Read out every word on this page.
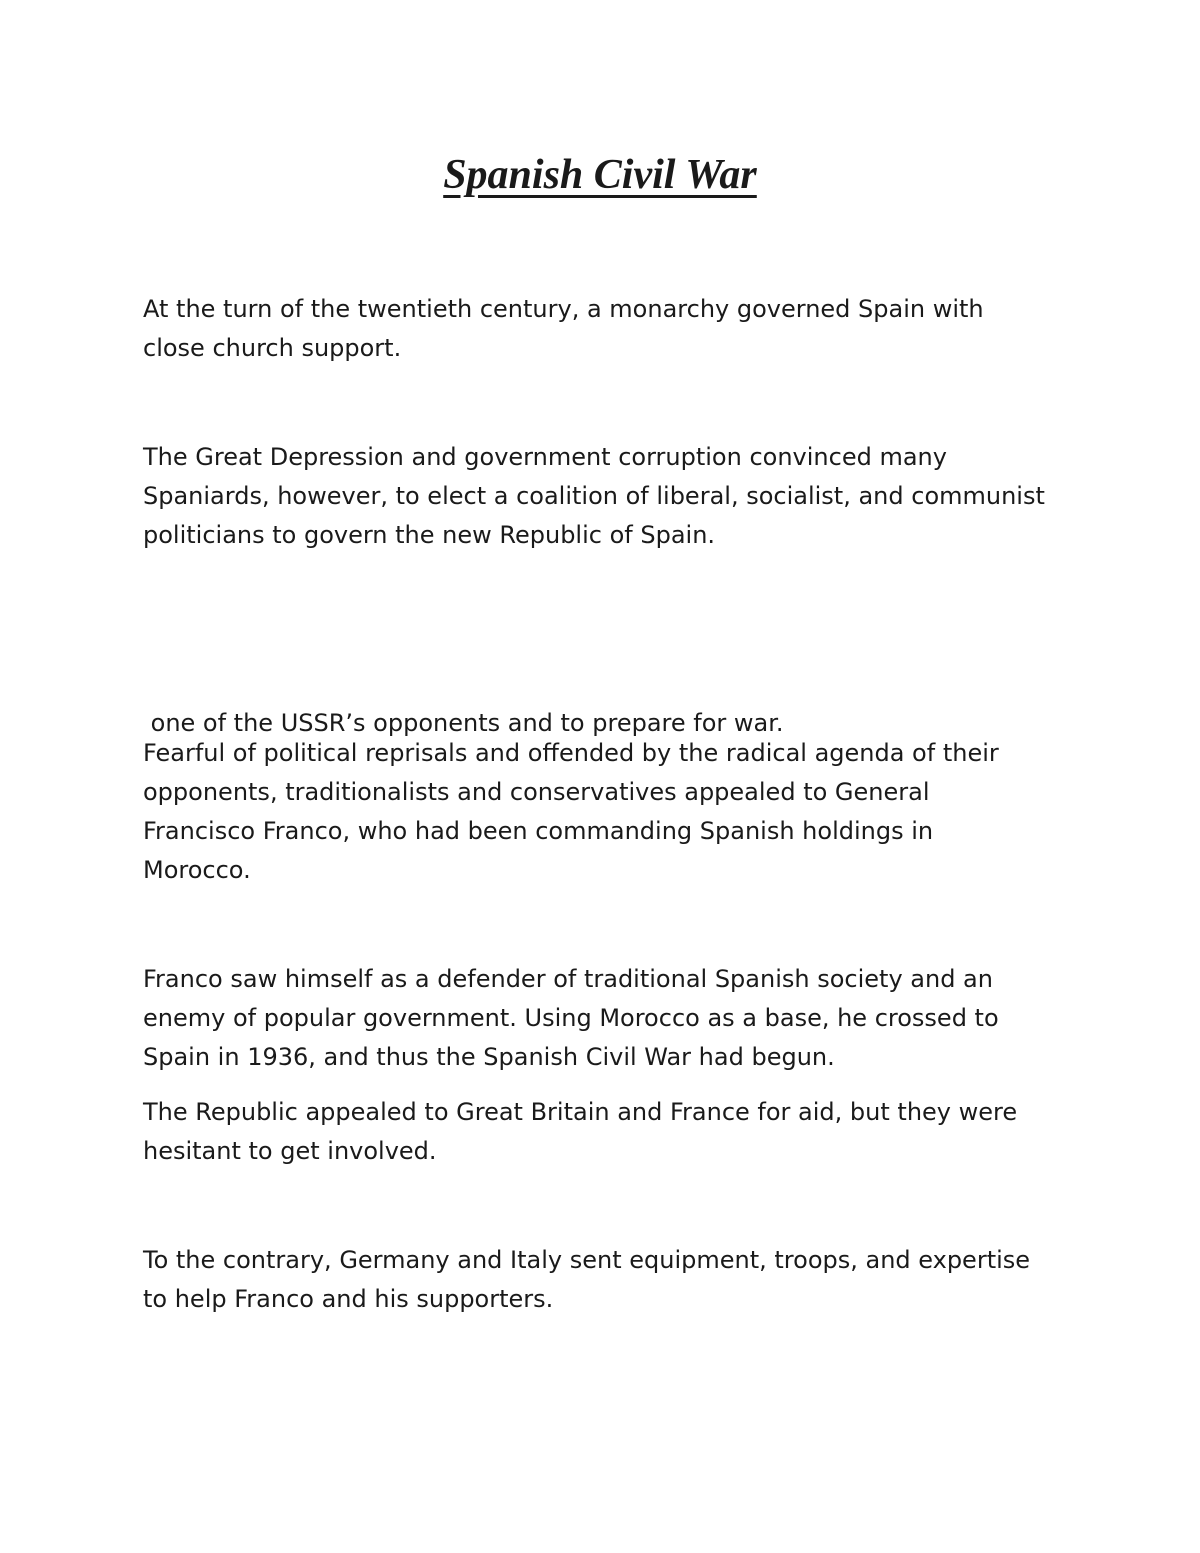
Spanish Civil War

At the turn of the twentieth century, a monarchy governed Spain with
close church support.

The Great Depression and government corruption convinced many
Spaniards, however, to elect a coalition of liberal, socialist, and communist
politicians to govern the new Republic of Spain.

one of the USSR’s opponents and to prepare for war.

Fearful of political reprisals and offended by the radical agenda of their
opponents, traditionalists and conservatives appealed to General
Francisco Franco, who had been commanding Spanish holdings in
Morocco.

Franco saw himself as a defender of traditional Spanish society and an
enemy of popular government. Using Morocco as a base, he crossed to
Spain in 1936, and thus the Spanish Civil War had begun.

The Republic appealed to Great Britain and France for aid, but they were
hesitant to get involved.

To the contrary, Germany and Italy sent equipment, troops, and expertise
to help Franco and his supporters.
